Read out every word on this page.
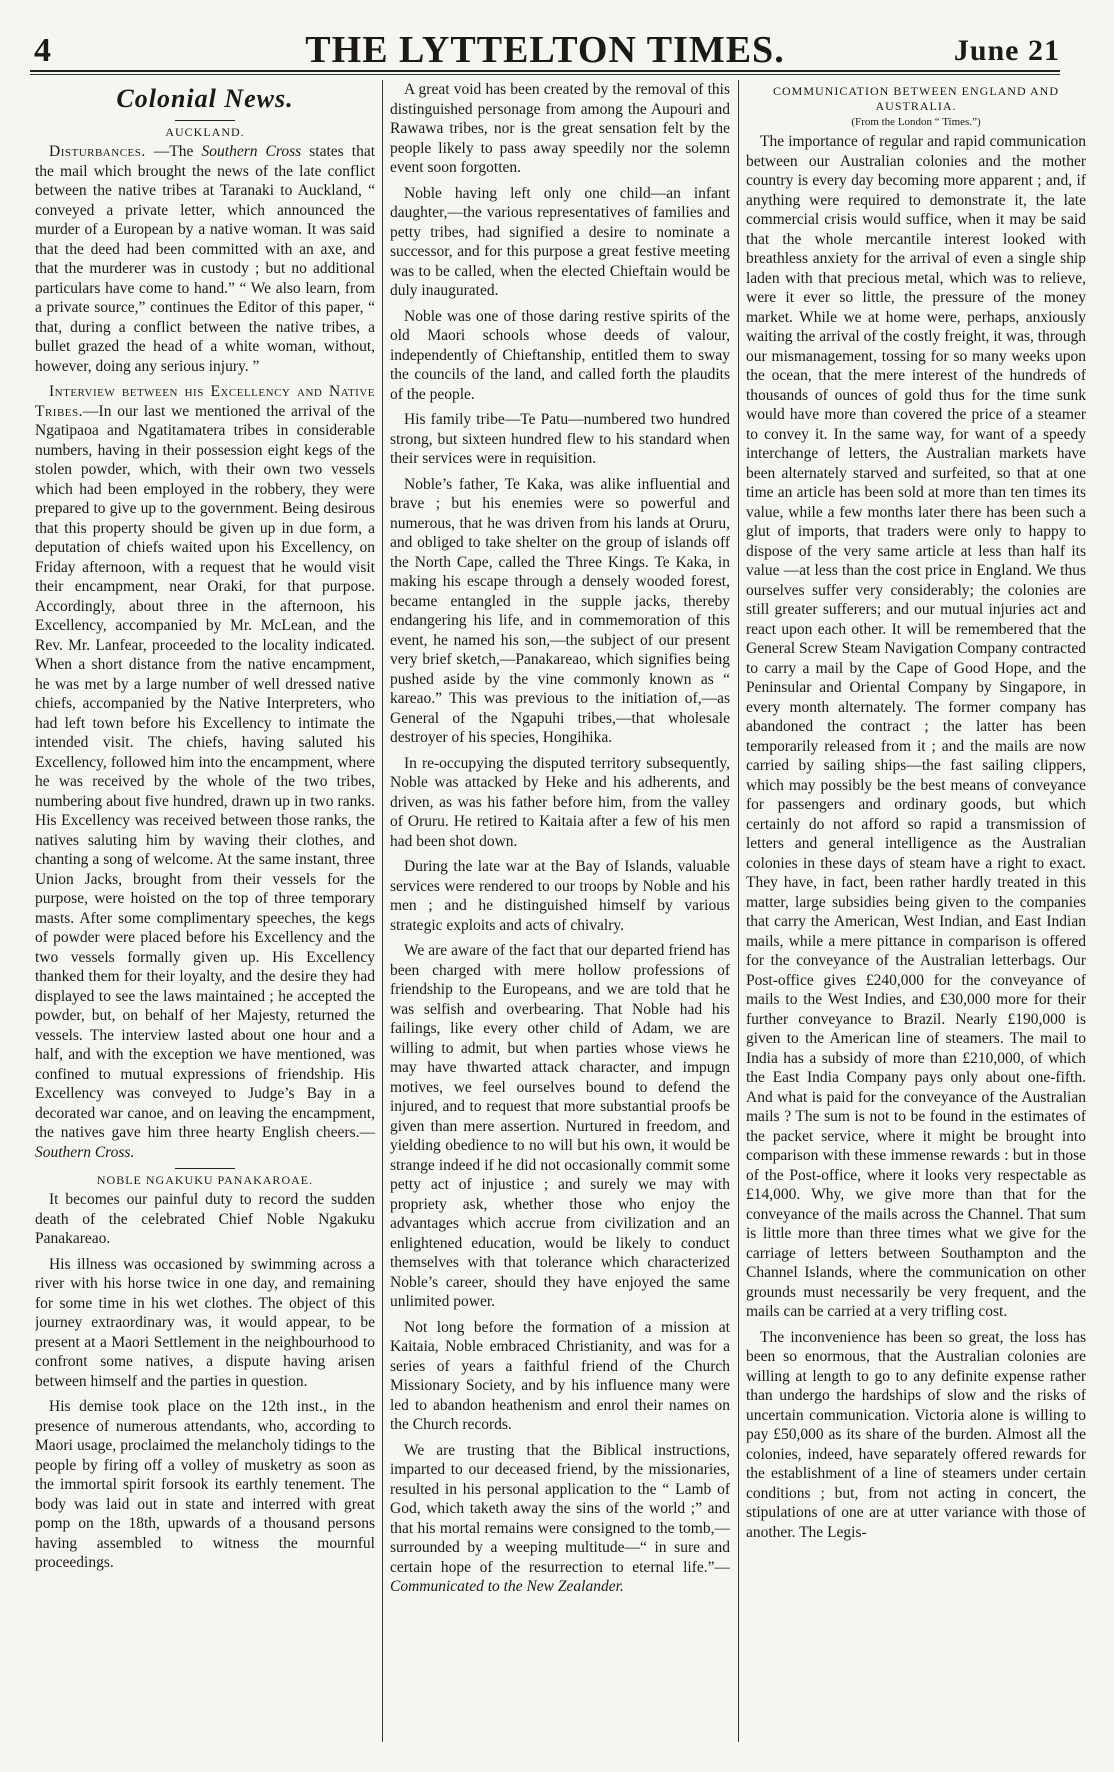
4	THE LYTTELTON TIMES.	June 21
Colonial News.
AUCKLAND.

Disturbances. —The Southern Cross states that the mail which brought the news of the late conflict between the native tribes at Taranaki to Auckland, “ conveyed a private letter, which announced the murder of a European by a native woman. It was said that the deed had been committed with an axe, and that the murderer was in custody ; but no additional particulars have come to hand.” “ We also learn, from a private source,” continues the Editor of this paper, “ that, during a conflict between the native tribes, a bullet grazed the head of a white woman, without, however, doing any serious injury. ”

Interview between his Excellency and Native Tribes.—In our last we mentioned the arrival of the Ngatipaoa and Ngatitamatera tribes in considerable numbers, having in their possession eight kegs of the stolen powder, which, with their own two vessels which had been employed in the robbery, they were prepared to give up to the government. Being desirous that this property should be given up in due form, a deputation of chiefs waited upon his Excellency, on Friday afternoon, with a request that he would visit their encampment, near Oraki, for that purpose. Accordingly, about three in the afternoon, his Excellency, accompanied by Mr. McLean, and the Rev. Mr. Lanfear, proceeded to the locality indicated. When a short distance from the native encampment, he was met by a large number of well dressed native chiefs, accompanied by the Native Interpreters, who had left town before his Excellency to intimate the intended visit. The chiefs, having saluted his Excellency, followed him into the encampment, where he was received by the whole of the two tribes, numbering about five hundred, drawn up in two ranks. His Excellency was received between those ranks, the natives saluting him by waving their clothes, and chanting a song of welcome. At the same instant, three Union Jacks, brought from their vessels for the purpose, were hoisted on the top of three temporary masts. After some complimentary speeches, the kegs of powder were placed before his Excellency and the two vessels formally given up. His Excellency thanked them for their loyalty, and the desire they had displayed to see the laws maintained ; he accepted the powder, but, on behalf of her Majesty, returned the vessels. The interview lasted about one hour and a half, and with the exception we have mentioned, was confined to mutual expressions of friendship. His Excellency was conveyed to Judge’s Bay in a decorated war canoe, and on leaving the encampment, the natives gave him three hearty English cheers.—Southern Cross.

NOBLE NGAKUKU PANAKAROAE.

It becomes our painful duty to record the sudden death of the celebrated Chief Noble Ngakuku Panakareao.

His illness was occasioned by swimming across a river with his horse twice in one day, and remaining for some time in his wet clothes. The object of this journey extraordinary was, it would appear, to be present at a Maori Settlement in the neighbourhood to confront some natives, a dispute having arisen between himself and the parties in question.

His demise took place on the 12th inst., in the presence of numerous attendants, who, according to Maori usage, proclaimed the melancholy tidings to the people by firing off a volley of musketry as soon as the immortal spirit forsook its earthly tenement. The body was laid out in state and interred with great pomp on the 18th, upwards of a thousand persons having assembled to witness the mournful proceedings.

A great void has been created by the removal of this distinguished personage from among the Aupouri and Rawawa tribes, nor is the great sensation felt by the people likely to pass away speedily nor the solemn event soon forgotten.

Noble having left only one child—an infant daughter,—the various representatives of families and petty tribes, had signified a desire to nominate a successor, and for this purpose a great festive meeting was to be called, when the elected Chieftain would be duly inaugurated.

Noble was one of those daring restive spirits of the old Maori schools whose deeds of valour, independently of Chieftanship, entitled them to sway the councils of the land, and called forth the plaudits of the people.

His family tribe—Te Patu—numbered two hundred strong, but sixteen hundred flew to his standard when their services were in requisition.

Noble’s father, Te Kaka, was alike influential and brave ; but his enemies were so powerful and numerous, that he was driven from his lands at Oruru, and obliged to take shelter on the group of islands off the North Cape, called the Three Kings. Te Kaka, in making his escape through a densely wooded forest, became entangled in the supple jacks, thereby endangering his life, and in commemoration of this event, he named his son,—the subject of our present very brief sketch,—Panakareao, which signifies being pushed aside by the vine commonly known as “ kareao.” This was previous to the initiation of,—as General of the Ngapuhi tribes,—that wholesale destroyer of his species, Hongihika.

In re-occupying the disputed territory subsequently, Noble was attacked by Heke and his adherents, and driven, as was his father before him, from the valley of Oruru. He retired to Kaitaia after a few of his men had been shot down.

During the late war at the Bay of Islands, valuable services were rendered to our troops by Noble and his men ; and he distinguished himself by various strategic exploits and acts of chivalry.

We are aware of the fact that our departed friend has been charged with mere hollow professions of friendship to the Europeans, and we are told that he was selfish and overbearing. That Noble had his failings, like every other child of Adam, we are willing to admit, but when parties whose views he may have thwarted attack character, and impugn motives, we feel ourselves bound to defend the injured, and to request that more substantial proofs be given than mere assertion. Nurtured in freedom, and yielding obedience to no will but his own, it would be strange indeed if he did not occasionally commit some petty act of injustice ; and surely we may with propriety ask, whether those who enjoy the advantages which accrue from civilization and an enlightened education, would be likely to conduct themselves with that tolerance which characterized Noble’s career, should they have enjoyed the same unlimited power.

Not long before the formation of a mission at Kaitaia, Noble embraced Christianity, and was for a series of years a faithful friend of the Church Missionary Society, and by his influence many were led to abandon heathenism and enrol their names on the Church records.

We are trusting that the Biblical instructions, imparted to our deceased friend, by the missionaries, resulted in his personal application to the “ Lamb of God, which taketh away the sins of the world ;” and that his mortal remains were consigned to the tomb,—surrounded by a weeping multitude—“ in sure and certain hope of the resurrection to eternal life.”—Communicated to the New Zealander.

COMMUNICATION BETWEEN ENGLAND AND AUSTRALIA.
(From the London “ Times.”)

The importance of regular and rapid communication between our Australian colonies and the mother country is every day becoming more apparent ; and, if anything were required to demonstrate it, the late commercial crisis would suffice, when it may be said that the whole mercantile interest looked with breathless anxiety for the arrival of even a single ship laden with that precious metal, which was to relieve, were it ever so little, the pressure of the money market. While we at home were, perhaps, anxiously waiting the arrival of the costly freight, it was, through our mismanagement, tossing for so many weeks upon the ocean, that the mere interest of the hundreds of thousands of ounces of gold thus for the time sunk would have more than covered the price of a steamer to convey it. In the same way, for want of a speedy interchange of letters, the Australian markets have been alternately starved and surfeited, so that at one time an article has been sold at more than ten times its value, while a few months later there has been such a glut of imports, that traders were only to happy to dispose of the very same article at less than half its value —at less than the cost price in England. We thus ourselves suffer very considerably; the colonies are still greater sufferers; and our mutual injuries act and react upon each other. It will be remembered that the General Screw Steam Navigation Company contracted to carry a mail by the Cape of Good Hope, and the Peninsular and Oriental Company by Singapore, in every month alternately. The former company has abandoned the contract ; the latter has been temporarily released from it ; and the mails are now carried by sailing ships—the fast sailing clippers, which may possibly be the best means of conveyance for passengers and ordinary goods, but which certainly do not afford so rapid a transmission of letters and general intelligence as the Australian colonies in these days of steam have a right to exact. They have, in fact, been rather hardly treated in this matter, large subsidies being given to the companies that carry the American, West Indian, and East Indian mails, while a mere pittance in comparison is offered for the conveyance of the Australian letterbags. Our Post-office gives £240,000 for the conveyance of mails to the West Indies, and £30,000 more for their further conveyance to Brazil. Nearly £190,000 is given to the American line of steamers. The mail to India has a subsidy of more than £210,000, of which the East India Company pays only about one-fifth. And what is paid for the conveyance of the Australian mails ? The sum is not to be found in the estimates of the packet service, where it might be brought into comparison with these immense rewards : but in those of the Post-office, where it looks very respectable as £14,000. Why, we give more than that for the conveyance of the mails across the Channel. That sum is little more than three times what we give for the carriage of letters between Southampton and the Channel Islands, where the communication on other grounds must necessarily be very frequent, and the mails can be carried at a very trifling cost.

The inconvenience has been so great, the loss has been so enormous, that the Australian colonies are willing at length to go to any definite expense rather than undergo the hardships of slow and the risks of uncertain communication. Victoria alone is willing to pay £50,000 as its share of the burden. Almost all the colonies, indeed, have separately offered rewards for the establishment of a line of steamers under certain conditions ; but, from not acting in concert, the stipulations of one are at utter variance with those of another. The Legis-
